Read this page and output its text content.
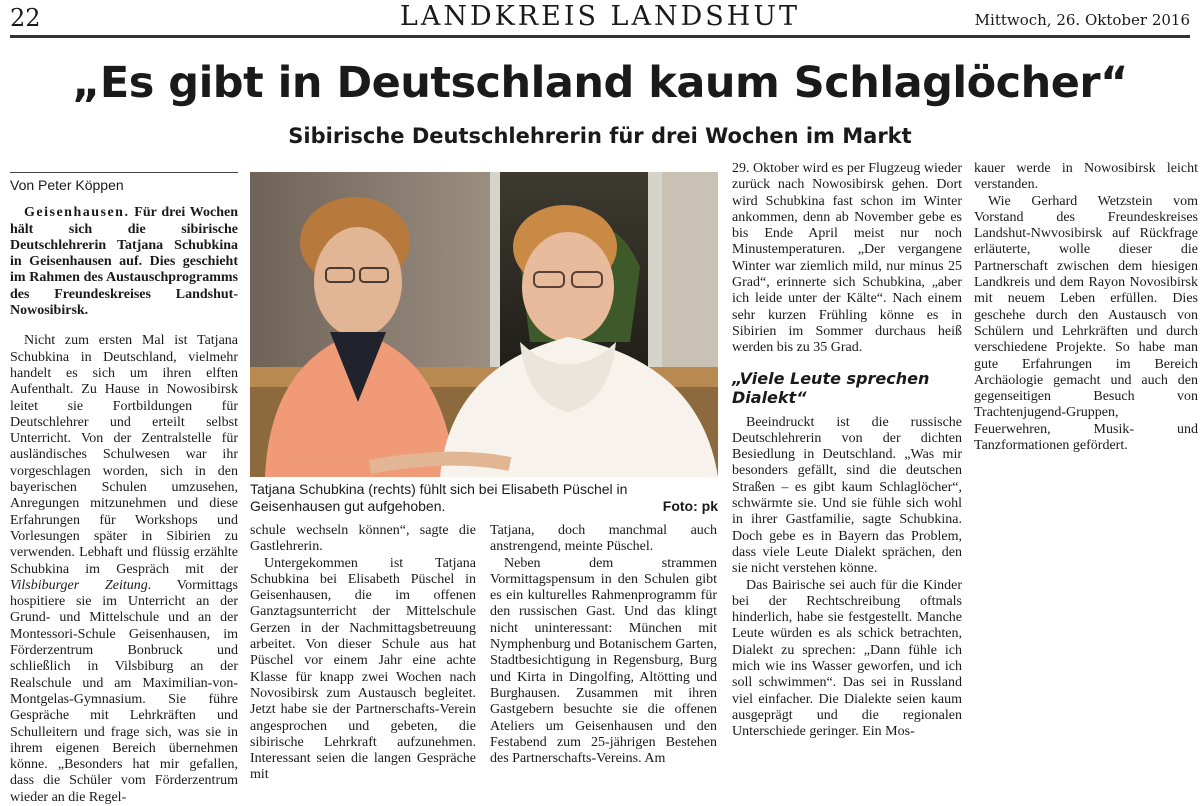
22	LANDKREIS LANDSHUT	Mittwoch, 26. Oktober 2016
„Es gibt in Deutschland kaum Schlaglöcher“
Sibirische Deutschlehrerin für drei Wochen im Markt
Von Peter Köppen

Geisenhausen. Für drei Wochen hält sich die sibirische Deutschlehrerin Tatjana Schubkina in Geisenhausen auf. Dies geschieht im Rahmen des Austauschprogramms des Freundeskreises Landshut-Nowosibirsk.

Nicht zum ersten Mal ist Tatjana Schubkina in Deutschland, vielmehr handelt es sich um ihren elften Aufenthalt. Zu Hause in Nowosibirsk leitet sie Fortbildungen für Deutschlehrer und erteilt selbst Unterricht. Von der Zentralstelle für ausländisches Schulwesen war ihr vorgeschlagen worden, sich in den bayerischen Schulen umzusehen, Anregungen mitzunehmen und diese Erfahrungen für Workshops und Vorlesungen später in Sibirien zu verwenden. Lebhaft und flüssig erzählte Schubkina im Gespräch mit der Vilsbiburger Zeitung. Vormittags hospitiere sie im Unterricht an der Grund- und Mittelschule und an der Montessori-Schule Geisenhausen, im Förderzentrum Bonbruck und schließlich in Vilsbiburg an der Realschule und am Maximilian-von-Montgelas-Gymnasium. Sie führe Gespräche mit Lehrkräften und Schulleitern und frage sich, was sie in ihrem eigenen Bereich übernehmen könne. „Besonders hat mir gefallen, dass die Schüler vom Förderzentrum wieder an die Regel-

Tatjana Schubkina (rechts) fühlt sich bei Elisabeth Püschel in Geisenhausen gut aufgehoben.	Foto: pk

schule wechseln können“, sagte die Gastlehrerin.

Untergekommen ist Tatjana Schubkina bei Elisabeth Püschel in Geisenhausen, die im offenen Ganztagsunterricht der Mittelschule Gerzen in der Nachmittagsbetreuung arbeitet. Von dieser Schule aus hat Püschel vor einem Jahr eine achte Klasse für knapp zwei Wochen nach Novosibirsk zum Austausch begleitet. Jetzt habe sie der Partnerschafts-Verein angesprochen und gebeten, die sibirische Lehrkraft aufzunehmen. Interessant seien die langen Gespräche mit

Tatjana, doch manchmal auch anstrengend, meinte Püschel.

Neben dem strammen Vormittagspensum in den Schulen gibt es ein kulturelles Rahmenprogramm für den russischen Gast. Und das klingt nicht uninteressant: München mit Nymphenburg und Botanischem Garten, Stadtbesichtigung in Regensburg, Burg und Kirta in Dingolfing, Altötting und Burghausen. Zusammen mit ihren Gastgebern besuchte sie die offenen Ateliers um Geisenhausen und den Festabend zum 25-jährigen Bestehen des Partnerschafts-Vereins. Am

29. Oktober wird es per Flugzeug wieder zurück nach Nowosibirsk gehen. Dort wird Schubkina fast schon im Winter ankommen, denn ab November gebe es bis Ende April meist nur noch Minustemperaturen. „Der vergangene Winter war ziemlich mild, nur minus 25 Grad“, erinnerte sich Schubkina, „aber ich leide unter der Kälte“. Nach einem sehr kurzen Frühling könne es in Sibirien im Sommer durchaus heiß werden bis zu 35 Grad.

„Viele Leute sprechen Dialekt“

Beeindruckt ist die russische Deutschlehrerin von der dichten Besiedlung in Deutschland. „Was mir besonders gefällt, sind die deutschen Straßen – es gibt kaum Schlaglöcher“, schwärmte sie. Und sie fühle sich wohl in ihrer Gastfamilie, sagte Schubkina. Doch gebe es in Bayern das Problem, dass viele Leute Dialekt sprächen, den sie nicht verstehen könne.

Das Bairische sei auch für die Kinder bei der Rechtschreibung oftmals hinderlich, habe sie festgestellt. Manche Leute würden es als schick betrachten, Dialekt zu sprechen: „Dann fühle ich mich wie ins Wasser geworfen, und ich soll schwimmen“. Das sei in Russland viel einfacher. Die Dialekte seien kaum ausgeprägt und die regionalen Unterschiede geringer. Ein Mos-

kauer werde in Nowosibirsk leicht verstanden.

Wie Gerhard Wetzstein vom Vorstand des Freundeskreises Landshut-Nwvosibirsk auf Rückfrage erläuterte, wolle dieser die Partnerschaft zwischen dem hiesigen Landkreis und dem Rayon Novosibirsk mit neuem Leben erfüllen. Dies geschehe durch den Austausch von Schülern und Lehrkräften und durch verschiedene Projekte. So habe man gute Erfahrungen im Bereich Archäologie gemacht und auch den gegenseitigen Besuch von Trachtenjugend-Gruppen, Feuerwehren, Musik- und Tanzformationen gefördert.
